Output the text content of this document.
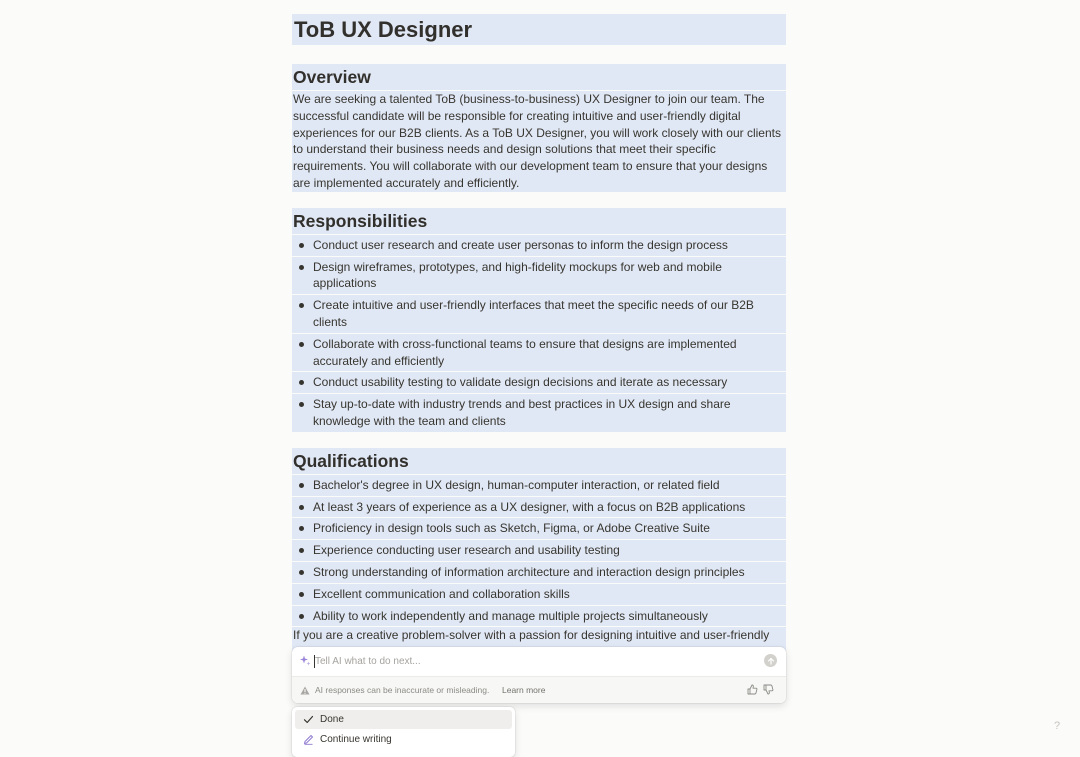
ToB UX Designer
Overview

We are seeking a talented ToB (business-to-business) UX Designer to join our team. The successful candidate will be responsible for creating intuitive and user-friendly digital experiences for our B2B clients. As a ToB UX Designer, you will work closely with our clients to understand their business needs and design solutions that meet their specific requirements. You will collaborate with our development team to ensure that your designs are implemented accurately and efficiently.

Responsibilities
Conduct user research and create user personas to inform the design process
Design wireframes, prototypes, and high-fidelity mockups for web and mobile applications
Create intuitive and user-friendly interfaces that meet the specific needs of our B2B clients
Collaborate with cross-functional teams to ensure that designs are implemented accurately and efficiently
Conduct usability testing to validate design decisions and iterate as necessary
Stay up-to-date with industry trends and best practices in UX design and share knowledge with the team and clients
Qualifications
Bachelor's degree in UX design, human-computer interaction, or related field
At least 3 years of experience as a UX designer, with a focus on B2B applications
Proficiency in design tools such as Sketch, Figma, or Adobe Creative Suite
Experience conducting user research and usability testing
Strong understanding of information architecture and interaction design principles
Excellent communication and collaboration skills
Ability to work independently and manage multiple projects simultaneously

If you are a creative problem-solver with a passion for designing intuitive and user-friendly

Tell AI what to do next...
AI responses can be inaccurate or misleading. Learn more
Done
Continue writing
?
